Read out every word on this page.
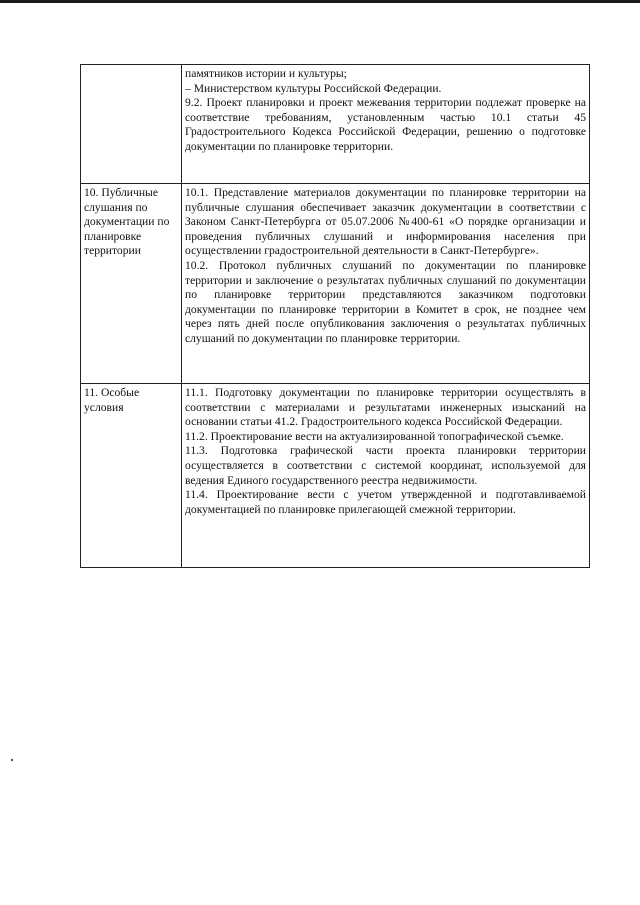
	памятников истории и культуры;

– Министерством культуры Российской Федерации.

9.2. Проект планировки и проект межевания территории подлежат проверке на соответствие требованиям, установленным частью 10.1 статьи 45 Градостроительного Кодекса Российской Федерации, решению о подготовке документации по планировке территории.

10. Публичные слушания по документации по планировке территории	10.1. Представление материалов документации по планировке территории на публичные слушания обеспечивает заказчик документации в соответствии с Законом Санкт-Петербурга от 05.07.2006 №400-61 «О порядке организации и проведения публичных слушаний и информирования населения при осуществлении градостроительной деятельности в Санкт-Петербурге».

10.2. Протокол публичных слушаний по документации по планировке территории и заключение о результатах публичных слушаний по документации по планировке территории представляются заказчиком подготовки документации по планировке территории в Комитет в срок, не позднее чем через пять дней после опубликования заключения о результатах публичных слушаний по документации по планировке территории.

11. Особые условия	11.1. Подготовку документации по планировке территории осуществлять в соответствии с материалами и результатами инженерных изысканий на основании статьи 41.2. Градостроительного кодекса Российской Федерации.

11.2. Проектирование вести на актуализированной топографической съемке.

11.3. Подготовка графической части проекта планировки территории осуществляется в соответствии с системой координат, используемой для ведения Единого государственного реестра недвижимости.

11.4. Проектирование вести с учетом утвержденной и подготавливаемой документацией по планировке прилегающей смежной территории.
